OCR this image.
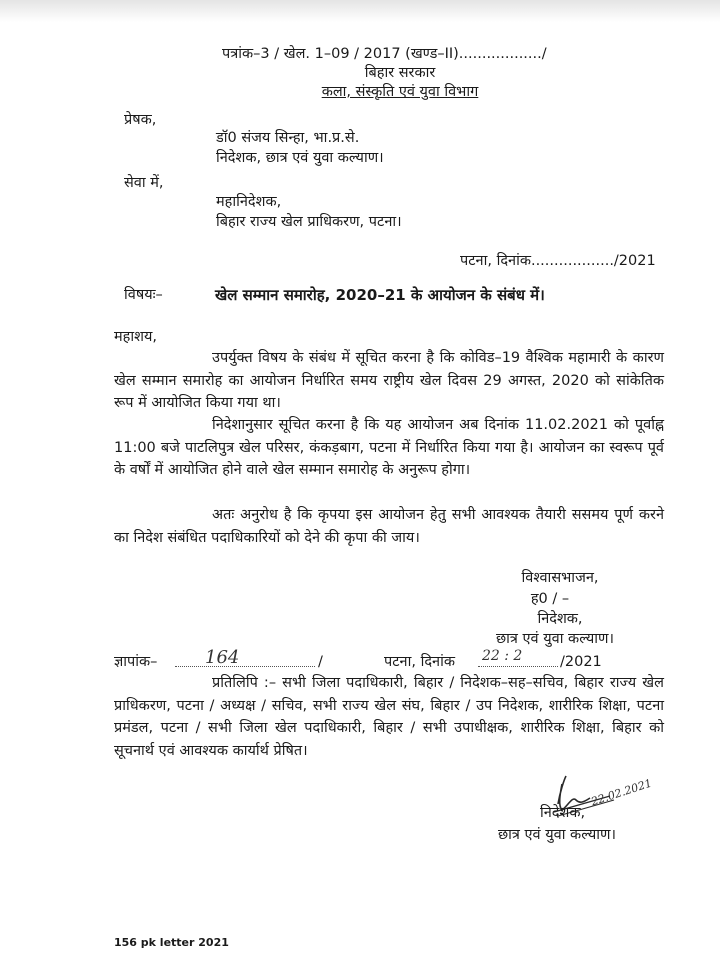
पत्रांक–3 / खेल. 1–09 / 2017 (खण्ड–II)................../
बिहार सरकार
कला, संस्कृति एवं युवा विभाग
प्रेषक,
डॉ0 संजय सिन्हा, भा.प्र.से.
निदेशक, छात्र एवं युवा कल्याण।
सेवा में,
महानिदेशक,
बिहार राज्य खेल प्राधिकरण, पटना।
पटना, दिनांक................../2021
विषयः–	खेल सम्मान समारोह, 2020–21 के आयोजन के संबंध में।
महाशय,
उपर्युक्त विषय के संबंध में सूचित करना है कि कोविड–19 वैश्विक महामारी के कारण खेल सम्मान समारोह का आयोजन निर्धारित समय राष्ट्रीय खेल दिवस 29 अगस्त, 2020 को सांकेतिक रूप में आयोजित किया गया था।
निदेशानुसार सूचित करना है कि यह आयोजन अब दिनांक 11.02.2021 को पूर्वाह्न 11:00 बजे पाटलिपुत्र खेल परिसर, कंकड़बाग, पटना में निर्धारित किया गया है। आयोजन का स्वरूप पूर्व के वर्षों में आयोजित होने वाले खेल सम्मान समारोह के अनुरूप होगा।
अतः अनुरोध है कि कृपया इस आयोजन हेतु सभी आवश्यक तैयारी ससमय पूर्ण करने का निदेश संबंधित पदाधिकारियों को देने की कृपा की जाय।
विश्वासभाजन,
ह0 / –
निदेशक,
छात्र एवं युवा कल्याण।
ज्ञापांक–	164	/	पटना, दिनांक 22 : 2	/2021
प्रतिलिपि :– सभी जिला पदाधिकारी, बिहार / निदेशक–सह–सचिव, बिहार राज्य खेल प्राधिकरण, पटना / अध्यक्ष / सचिव, सभी राज्य खेल संघ, बिहार / उप निदेशक, शारीरिक शिक्षा, पटना प्रमंडल, पटना / सभी जिला खेल पदाधिकारी, बिहार / सभी उपाधीक्षक, शारीरिक शिक्षा, बिहार को सूचनार्थ एवं आवश्यक कार्यार्थ प्रेषित।
22.02.2021
निदेशक,
छात्र एवं युवा कल्याण।
156 pk letter 2021
